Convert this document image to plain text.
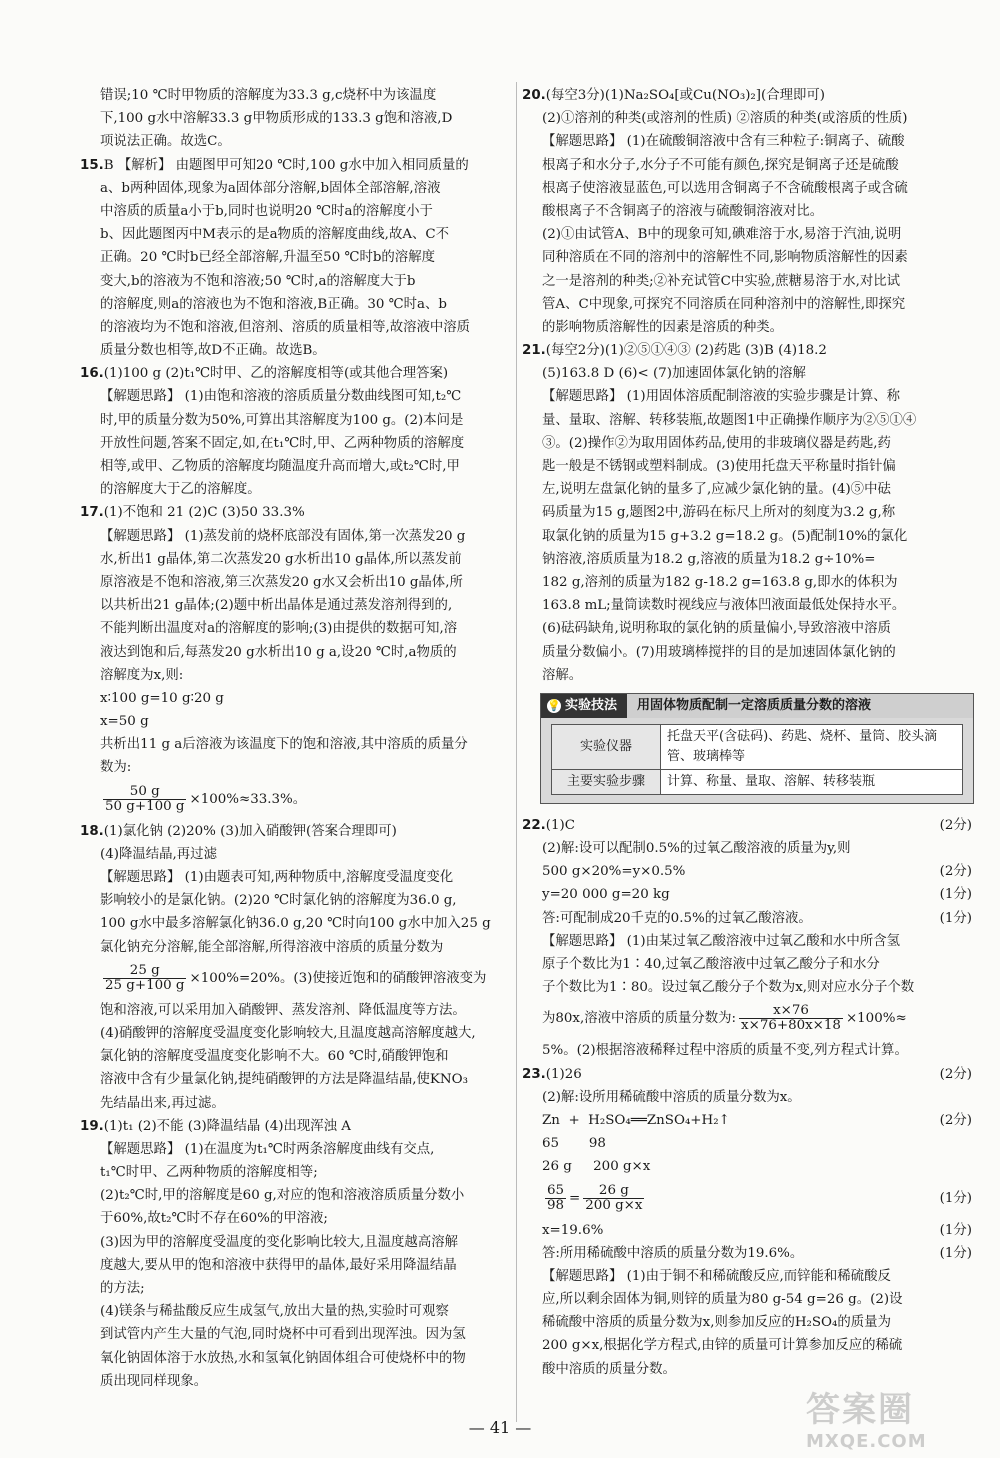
错误;10 ℃时甲物质的溶解度为33.3 g,c烧杯中为该温度
下,100 g水中溶解33.3 g甲物质形成的133.3 g饱和溶液,D
项说法正确。故选C。
15.B 【解析】 由题图甲可知20 ℃时,100 g水中加入相同质量的
a、b两种固体,现象为a固体部分溶解,b固体全部溶解,溶液
中溶质的质量a小于b,同时也说明20 ℃时a的溶解度小于
b、因此题图丙中M表示的是a物质的溶解度曲线,故A、C不
正确。20 ℃时b已经全部溶解,升温至50 ℃时b的溶解度
变大,b的溶液为不饱和溶液;50 ℃时,a的溶解度大于b
的溶解度,则a的溶液也为不饱和溶液,B正确。30 ℃时a、b
的溶液均为不饱和溶液,但溶剂、溶质的质量相等,故溶液中溶质
质量分数也相等,故D不正确。故选B。
16.(1)100 g (2)t₁℃时甲、乙的溶解度相等(或其他合理答案)
【解题思路】 (1)由饱和溶液的溶质质量分数曲线图可知,t₂℃
时,甲的质量分数为50%,可算出其溶解度为100 g。(2)本问是
开放性问题,答案不固定,如,在t₁℃时,甲、乙两种物质的溶解度
相等,或甲、乙物质的溶解度均随温度升高而增大,或t₂℃时,甲
的溶解度大于乙的溶解度。
17.(1)不饱和 21 (2)C (3)50 33.3%
【解题思路】 (1)蒸发前的烧杯底部没有固体,第一次蒸发20 g
水,析出1 g晶体,第二次蒸发20 g水析出10 g晶体,所以蒸发前
原溶液是不饱和溶液,第三次蒸发20 g水又会析出10 g晶体,所
以共析出21 g晶体;(2)题中析出晶体是通过蒸发溶剂得到的,
不能判断出温度对a的溶解度的影响;(3)由提供的数据可知,溶
液达到饱和后,每蒸发20 g水析出10 g a,设20 ℃时,a物质的
溶解度为x,则:
x∶100 g=10 g∶20 g
x=50 g
共析出11 g a后溶液为该温度下的饱和溶液,其中溶质的质量分
数为:
$\frac{50 g}{50 g+100 g} \times 100\%\approx 33.3\%$。
18.(1)氯化钠 (2)20% (3)加入硝酸钾(答案合理即可)
(4)降温结晶,再过滤
【解题思路】 (1)由题表可知,两种物质中,溶解度受温度变化
影响较小的是氯化钠。(2)20 ℃时氯化钠的溶解度为36.0 g,
100 g水中最多溶解氯化钠36.0 g,20 ℃时向100 g水中加入25 g
氯化钠充分溶解,能全部溶解,所得溶液中溶质的质量分数为
$\frac{25 g}{25 g+100 g} \times 100\%=20\%$。(3)使接近饱和的硝酸钾溶液变为
饱和溶液,可以采用加入硝酸钾、蒸发溶剂、降低温度等方法。
(4)硝酸钾的溶解度受温度变化影响较大,且温度越高溶解度越大,
氯化钠的溶解度受温度变化影响不大。60 ℃时,硝酸钾饱和
溶液中含有少量氯化钠,提纯硝酸钾的方法是降温结晶,使KNO₃
先结晶出来,再过滤。
19.(1)t₁ (2)不能 (3)降温结晶 (4)出现浑浊 A
【解题思路】 (1)在温度为t₁℃时两条溶解度曲线有交点,
t₁℃时甲、乙两种物质的溶解度相等;
(2)t₂℃时,甲的溶解度是60 g,对应的饱和溶液溶质质量分数小
于60%,故t₂℃时不存在60%的甲溶液;
(3)因为甲的溶解度受温度的变化影响比较大,且温度越高溶解
度越大,要从甲的饱和溶液中获得甲的晶体,最好采用降温结晶
的方法;
(4)镁条与稀盐酸反应生成氢气,放出大量的热,实验时可观察
到试管内产生大量的气泡,同时烧杯中可看到出现浑浊。因为氢
氧化钠固体溶于水放热,水和氢氧化钠固体组合可使烧杯中的物
质出现同样现象。
20.(每空3分)(1)Na₂SO₄[或Cu(NO₃)₂](合理即可)
(2)①溶剂的种类(或溶剂的性质) ②溶质的种类(或溶质的性质)
【解题思路】 (1)在硫酸铜溶液中含有三种粒子:铜离子、硫酸
根离子和水分子,水分子不可能有颜色,探究是铜离子还是硫酸
根离子使溶液显蓝色,可以选用含铜离子不含硫酸根离子或含硫
酸根离子不含铜离子的溶液与硫酸铜溶液对比。
(2)①由试管A、B中的现象可知,碘难溶于水,易溶于汽油,说明
同种溶质在不同的溶剂中的溶解性不同,影响物质溶解性的因素
之一是溶剂的种类;②补充试管C中实验,蔗糖易溶于水,对比试
管A、C中现象,可探究不同溶质在同种溶剂中的溶解性,即探究
的影响物质溶解性的因素是溶质的种类。
21.(每空2分)(1)②⑤①④③ (2)药匙 (3)B (4)18.2
(5)163.8 D (6)< (7)加速固体氯化钠的溶解
【解题思路】 (1)用固体溶质配制溶液的实验步骤是计算、称
量、量取、溶解、转移装瓶,故题图1中正确操作顺序为②⑤①④
③。(2)操作②为取用固体药品,使用的非玻璃仪器是药匙,药
匙一般是不锈钢或塑料制成。(3)使用托盘天平称量时指针偏
左,说明左盘氯化钠的量多了,应减少氯化钠的量。(4)⑤中砝
码质量为15 g,题图2中,游码在标尺上所对的刻度为3.2 g,称
取氯化钠的质量为15 g+3.2 g=18.2 g。(5)配制10%的氯化
钠溶液,溶质质量为18.2 g,溶液的质量为18.2 g÷10%=
182 g,溶剂的质量为182 g-18.2 g=163.8 g,即水的体积为
163.8 mL;量筒读数时视线应与液体凹液面最低处保持水平。
(6)砝码缺角,说明称取的氯化钠的质量偏小,导致溶液中溶质
质量分数偏小。(7)用玻璃棒搅拌的目的是加速固体氯化钠的
溶解。
💡 实验技法 用固体物质配制一定溶质质量分数的溶液
实验仪器	托盘天平(含砝码)、药匙、烧杯、量筒、胶头滴管、玻璃棒等
主要实验步骤	计算、称量、量取、溶解、转移装瓶
22.(1)C	(2分)
(2)解:设可以配制0.5%的过氧乙酸溶液的质量为y,则
500 g×20%=y×0.5%	(2分)
y=20 000 g=20 kg	(1分)
答:可配制成20千克的0.5%的过氧乙酸溶液。	(1分)
【解题思路】 (1)由某过氧乙酸溶液中过氧乙酸和水中所含氢
原子个数比为1∶40,过氧乙酸溶液中过氧乙酸分子和水分
子个数比为1∶80。设过氧乙酸分子个数为x,则对应水分子个数
为80x,溶液中溶质的质量分数为: $\frac{x\times 76}{x\times 76+80x\times 18} \times 100\%\approx$
5%。(2)根据溶液稀释过程中溶质的质量不变,列方程式计算。
23.(1)26	(2分)
(2)解:设所用稀硫酸中溶质的质量分数为x。
Zn  +  H₂SO₄══ZnSO₄+H₂↑	(2分)
65       98
26 g     200 g×x
$\frac{65}{98} = \frac{26 g}{200 g\times x}$	(1分)
x=19.6%	(1分)
答:所用稀硫酸中溶质的质量分数为19.6%。	(1分)
【解题思路】 (1)由于铜不和稀硫酸反应,而锌能和稀硫酸反
应,所以剩余固体为铜,则锌的质量为80 g-54 g=26 g。(2)设
稀硫酸中溶质的质量分数为x,则参加反应的H₂SO₄的质量为
200 g×x,根据化学方程式,由锌的质量可计算参加反应的稀硫
酸中溶质的质量分数。
— 41 —	答案圈
MXQE.COM
